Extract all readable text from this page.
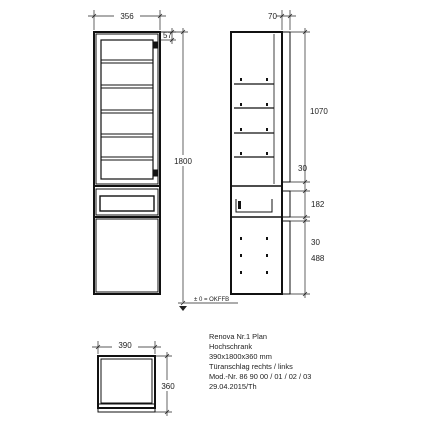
356
57
1800
± 0 = OKFFB
70
1070
30
182
30
488
390
360
Renova Nr.1 Plan
Hochschrank
390x1800x360 mm
Türanschlag rechts / links
Mod.-Nr. 86 90 00 / 01 / 02 / 03
29.04.2015/Th
